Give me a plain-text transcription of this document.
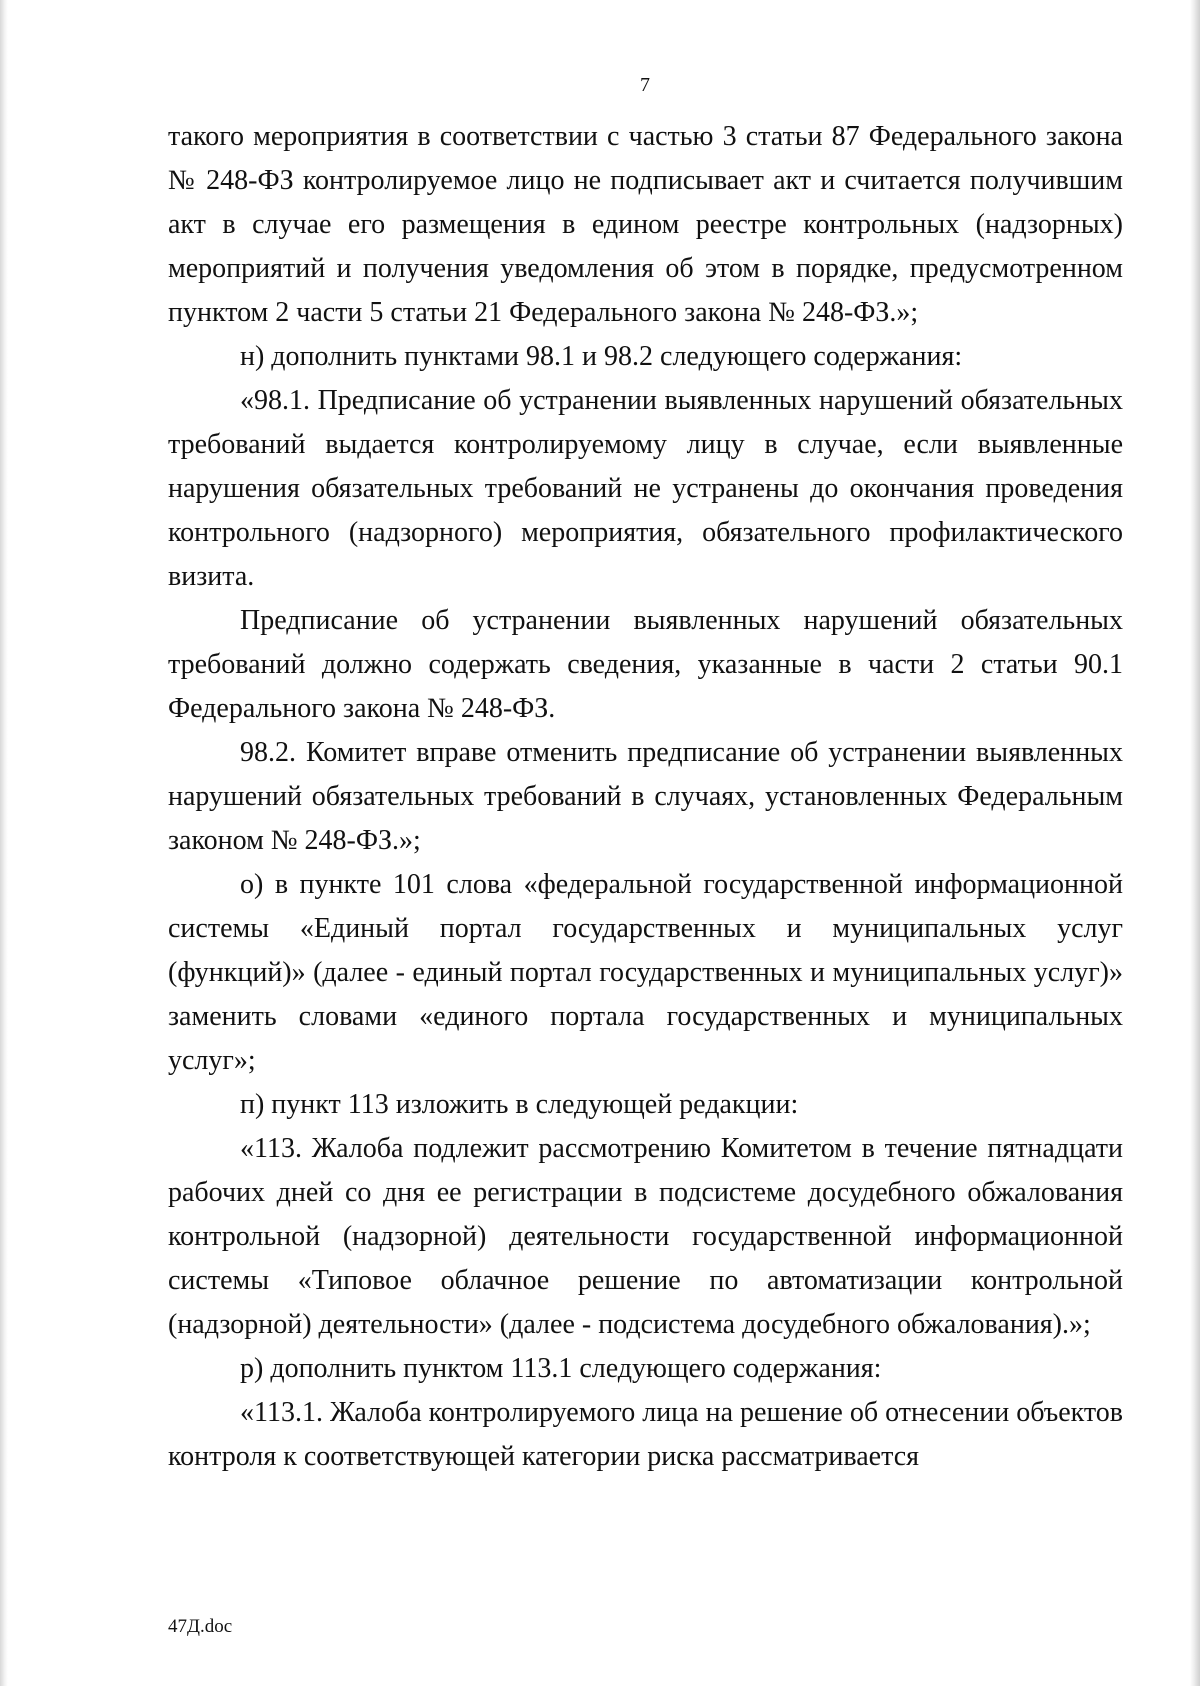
7

такого мероприятия в соответствии с частью 3 статьи 87 Федерального закона № 248-ФЗ контролируемое лицо не подписывает акт и считается получившим акт в случае его размещения в едином реестре контрольных (надзорных) мероприятий и получения уведомления об этом в порядке, предусмотренном пунктом 2 части 5 статьи 21 Федерального закона № 248-ФЗ.»;

н) дополнить пунктами 98.1 и 98.2 следующего содержания:

«98.1. Предписание об устранении выявленных нарушений обязательных требований выдается контролируемому лицу в случае, если выявленные нарушения обязательных требований не устранены до окончания проведения контрольного (надзорного) мероприятия, обязательного профилактического визита.

Предписание об устранении выявленных нарушений обязательных требований должно содержать сведения, указанные в части 2 статьи 90.1 Федерального закона № 248-ФЗ.

98.2. Комитет вправе отменить предписание об устранении выявленных нарушений обязательных требований в случаях, установленных Федеральным законом № 248-ФЗ.»;

о) в пункте 101 слова «федеральной государственной информационной системы «Единый портал государственных и муниципальных услуг (функций)» (далее - единый портал государственных и муниципальных услуг)» заменить словами «единого портала государственных и муниципальных услуг»;

п) пункт 113 изложить в следующей редакции:

«113. Жалоба подлежит рассмотрению Комитетом в течение пятнадцати рабочих дней со дня ее регистрации в подсистеме досудебного обжалования контрольной (надзорной) деятельности государственной информационной системы «Типовое облачное решение по автоматизации контрольной (надзорной) деятельности» (далее - подсистема досудебного обжалования).»;

р) дополнить пунктом 113.1 следующего содержания:

«113.1. Жалоба контролируемого лица на решение об отнесении объектов контроля к соответствующей категории риска рассматривается

47Д.doc
